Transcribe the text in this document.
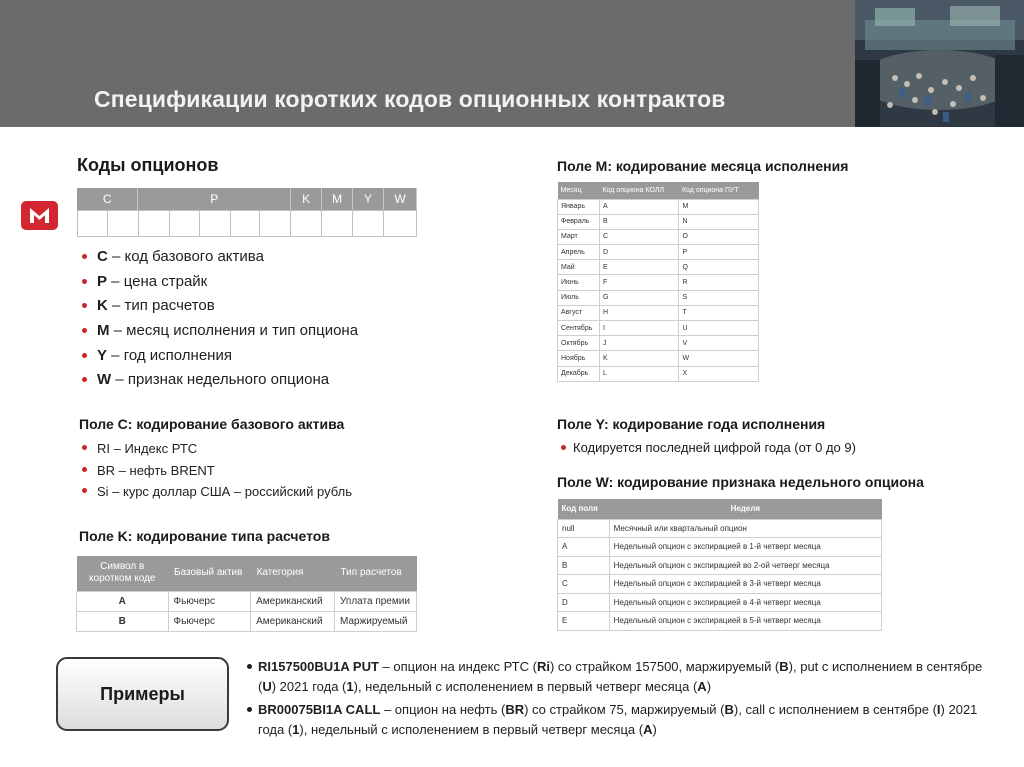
Спецификации коротких кодов опционных контрактов
Коды опционов
C	P	K	M	Y	W

C – код базового актива
P – цена страйк
K – тип расчетов
M – месяц исполнения и тип опциона
Y – год исполнения
W – признак недельного опциона
Поле C: кодирование базового актива
RI – Индекс РТС
BR – нефть BRENT
Si – курс доллар США – российский рубль
Поле K: кодирование типа расчетов
Символ в коротком коде	Базовый актив	Категория	Тип расчетов
A	Фьючерс	Американский	Уплата премии
B	Фьючерс	Американский	Маржируемый
Поле M: кодирование месяца исполнения
Месяц	Код опциона КОЛЛ	Код опциона ПУТ
Январь	A	M
Февраль	B	N
Март	C	O
Апрель	D	P
Май	E	Q
Июнь	F	R
Июль	G	S
Август	H	T
Сентябрь	I	U
Октябрь	J	V
Ноябрь	K	W
Декабрь	L	X
Поле Y: кодирование года исполнения
Кодируется последней цифрой года (от 0 до 9)
Поле W: кодирование признака недельного опциона
Код поля	Неделя
null	Месячный или квартальный опцион
A	Недельный опцион с экспирацией в 1-й четверг месяца
B	Недельный опцион с экспирацией во 2-ой четверг месяца
C	Недельный опцион с экспирацией в 3-й четверг месяца
D	Недельный опцион с экспирацией в 4-й четверг месяца
E	Недельный опцион с экспирацией в 5-й четверг месяца
Примеры
RI157500BU1A PUT – опцион на индекс РТС (Ri) со страйком 157500, маржируемый (B), put с исполнением в сентябре (U) 2021 года (1), недельный с исполенением в первый четверг месяца (A)
BR00075BI1A CALL – опцион на нефть (BR) со страйком 75, маржируемый (B), call с исполнением в сентябре (I) 2021 года (1), недельный с исполенением в первый четверг месяца (A)
